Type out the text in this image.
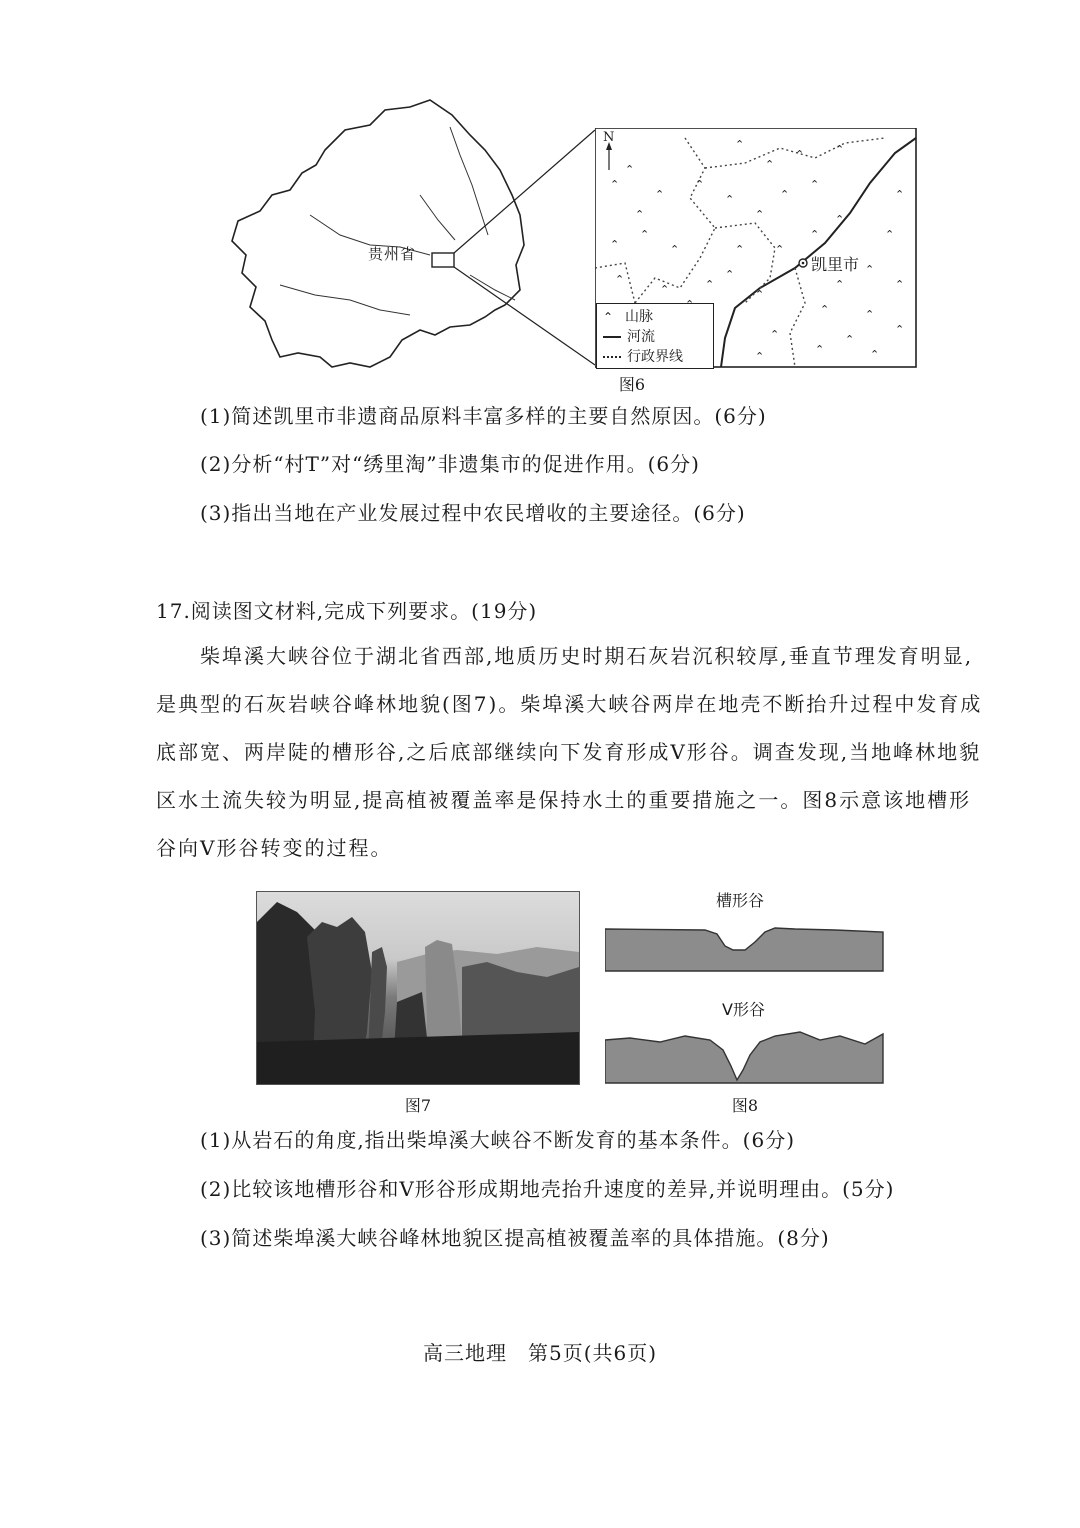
贵州省
⌃
⌃
⌃	⌃
⌃
⌃
⌃
⌃	⌃
⌃
⌃
⌃
⌃
⌃
⌃
⌃
⌃
⌃
⌃
⌃
⌃
⌃
⌃
⌃
⌃
⌃
⌃
⌃
⌃
⌃
⌃	⌃
⌃
⌃
⌃
⌃
⌃	⌃
N
凯里市
⌃ 山脉
河流
行政界线
图6
(1)简述凯里市非遗商品原料丰富多样的主要自然原因。(6分)
(2)分析“村T”对“绣里淘”非遗集市的促进作用。(6分)
(3)指出当地在产业发展过程中农民增收的主要途径。(6分)
17.阅读图文材料,完成下列要求。(19分)
柴埠溪大峡谷位于湖北省西部,地质历史时期石灰岩沉积较厚,垂直节理发育明显,
是典型的石灰岩峡谷峰林地貌(图7)。柴埠溪大峡谷两岸在地壳不断抬升过程中发育成
底部宽、两岸陡的槽形谷,之后底部继续向下发育形成V形谷。调查发现,当地峰林地貌
区水土流失较为明显,提高植被覆盖率是保持水土的重要措施之一。图8示意该地槽形
谷向V形谷转变的过程。
图7
槽形谷
V形谷
图8
(1)从岩石的角度,指出柴埠溪大峡谷不断发育的基本条件。(6分)
(2)比较该地槽形谷和V形谷形成期地壳抬升速度的差异,并说明理由。(5分)
(3)简述柴埠溪大峡谷峰林地貌区提高植被覆盖率的具体措施。(8分)
高三地理　第5页(共6页)
